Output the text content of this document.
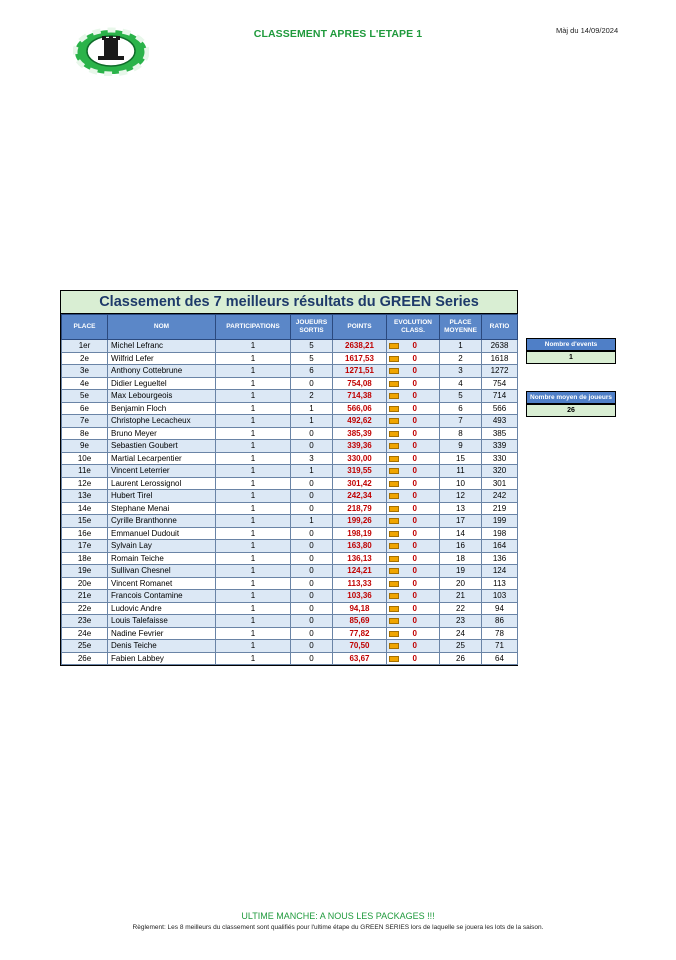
CLASSEMENT APRES L'ETAPE 1	Màj du 14/09/2024
Classement des 7 meilleurs résultats du GREEN Series
PLACE	NOM	PARTICIPATIONS	JOUEURS SORTIS	POINTS	EVOLUTION CLASS.	PLACE MOYENNE	RATIO
1er	Michel Lefranc	1	5	2638,21	0	1	2638
2e	Wilfrid Lefer	1	5	1617,53	0	2	1618
3e	Anthony Cottebrune	1	6	1271,51	0	3	1272
4e	Didier Legueltel	1	0	754,08	0	4	754
5e	Max Lebourgeois	1	2	714,38	0	5	714
6e	Benjamin Floch	1	1	566,06	0	6	566
7e	Christophe Lecacheux	1	1	492,62	0	7	493
8e	Bruno Meyer	1	0	385,39	0	8	385
9e	Sebastien Goubert	1	0	339,36	0	9	339
10e	Martial Lecarpentier	1	3	330,00	0	15	330
11e	Vincent Leterrier	1	1	319,55	0	11	320
12e	Laurent Lerossignol	1	0	301,42	0	10	301
13e	Hubert Tirel	1	0	242,34	0	12	242
14e	Stephane Menai	1	0	218,79	0	13	219
15e	Cyrille Branthonne	1	1	199,26	0	17	199
16e	Emmanuel Dudouit	1	0	198,19	0	14	198
17e	Sylvain Lay	1	0	163,80	0	16	164
18e	Romain Teiche	1	0	136,13	0	18	136
19e	Sullivan Chesnel	1	0	124,21	0	19	124
20e	Vincent Romanet	1	0	113,33	0	20	113
21e	Francois Contamine	1	0	103,36	0	21	103
22e	Ludovic Andre	1	0	94,18	0	22	94
23e	Louis Talefaisse	1	0	85,69	0	23	86
24e	Nadine Fevrier	1	0	77,82	0	24	78
25e	Denis Teiche	1	0	70,50	0	25	71
26e	Fabien Labbey	1	0	63,67	0	26	64
Nombre d'events
1
Nombre moyen de joueurs
26
ULTIME MANCHE: A NOUS LES PACKAGES !!!
Règlement: Les 8 meilleurs du classement sont qualifiés pour l'ultime étape du GREEN SERIES lors de laquelle se jouera les lots de la saison.
